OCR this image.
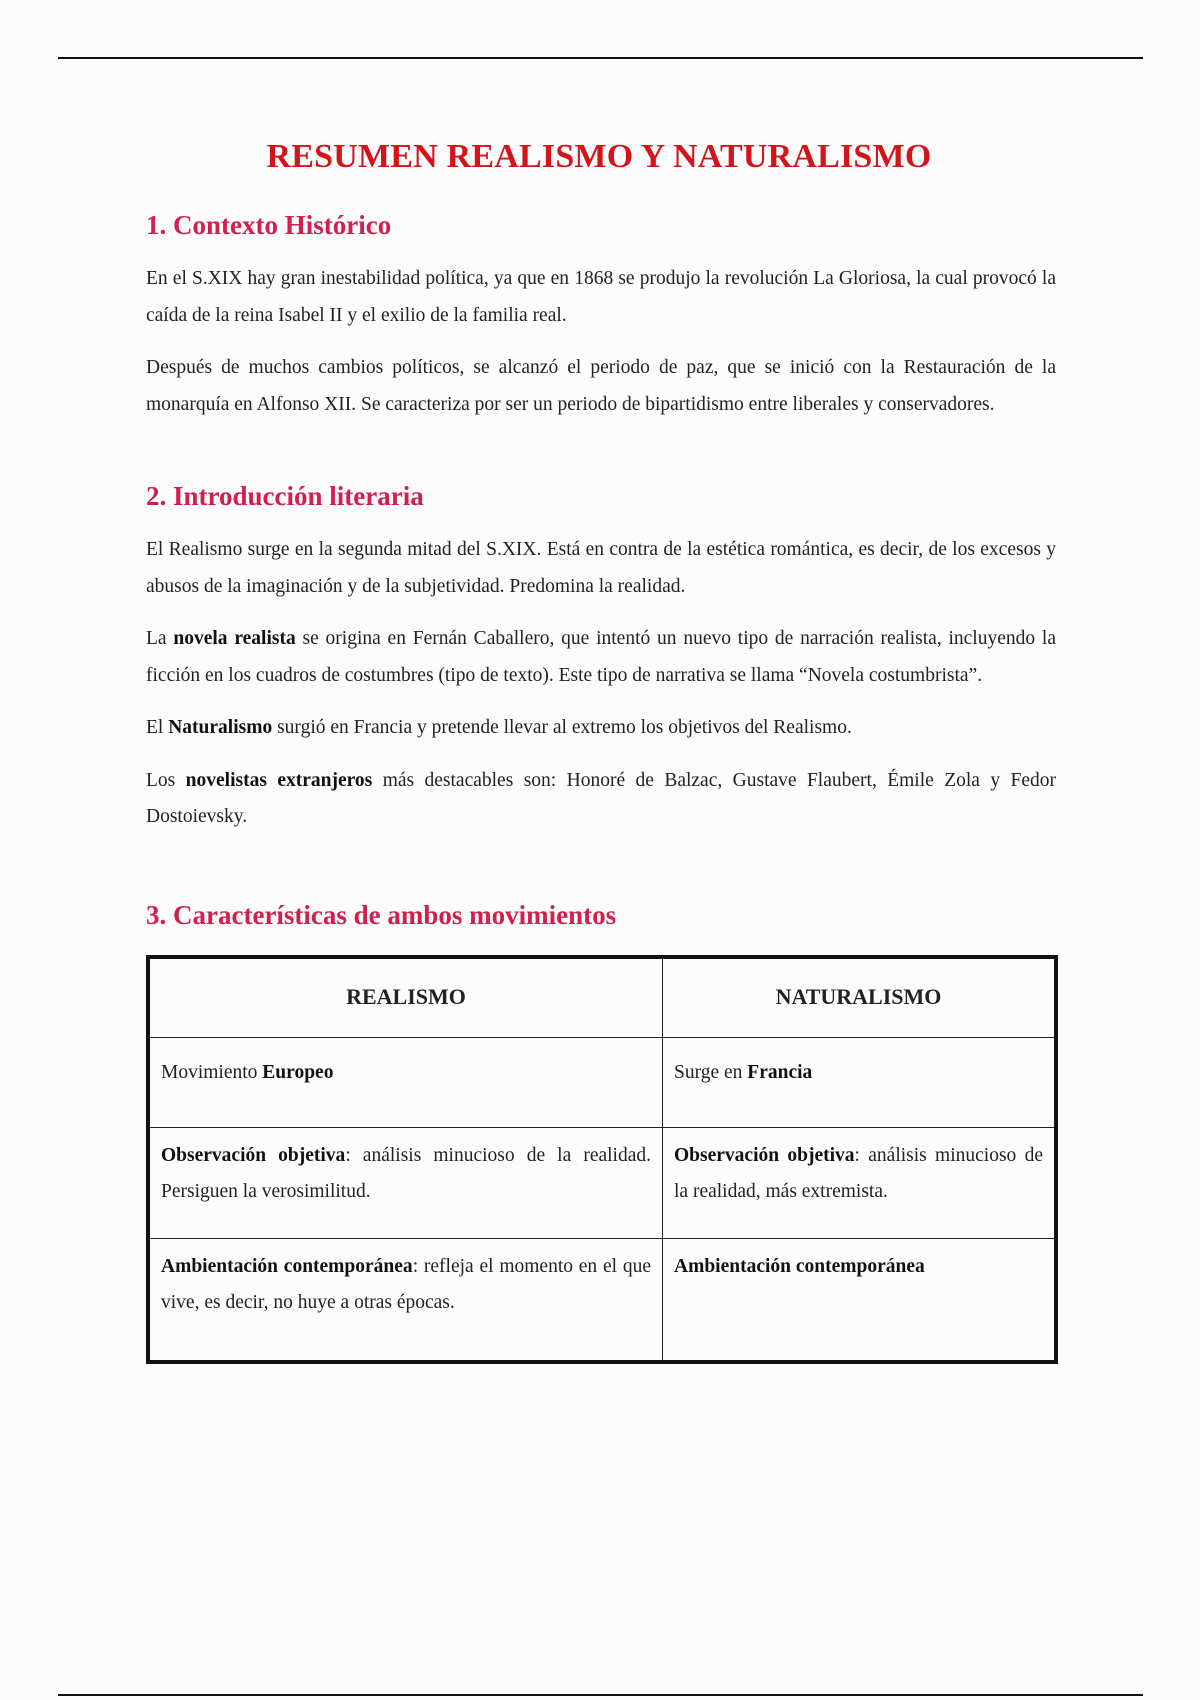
RESUMEN REALISMO Y NATURALISMO
1. Contexto Histórico

En el S.XIX hay gran inestabilidad política, ya que en 1868 se produjo la revolución La Gloriosa, la cual provocó la caída de la reina Isabel II y el exilio de la familia real.

Después de muchos cambios políticos, se alcanzó el periodo de paz, que se inició con la Restauración de la monarquía en Alfonso XII. Se caracteriza por ser un periodo de bipartidismo entre liberales y conservadores.

2. Introducción literaria

El Realismo surge en la segunda mitad del S.XIX. Está en contra de la estética romántica, es decir, de los excesos y abusos de la imaginación y de la subjetividad. Predomina la realidad.

La novela realista se origina en Fernán Caballero, que intentó un nuevo tipo de narración realista, incluyendo la ficción en los cuadros de costumbres (tipo de texto). Este tipo de narrativa se llama “Novela costumbrista”.

El Naturalismo surgió en Francia y pretende llevar al extremo los objetivos del Realismo.

Los novelistas extranjeros más destacables son: Honoré de Balzac, Gustave Flaubert, Émile Zola y Fedor Dostoievsky.

3. Características de ambos movimientos
REALISMO	NATURALISMO
Movimiento Europeo	Surge en Francia
Observación objetiva: análisis minucioso de la realidad. Persiguen la verosimilitud.	Observación objetiva: análisis minucioso de la realidad, más extremista.
Ambientación contemporánea: refleja el momento en el que vive, es decir, no huye a otras épocas.	Ambientación contemporánea
